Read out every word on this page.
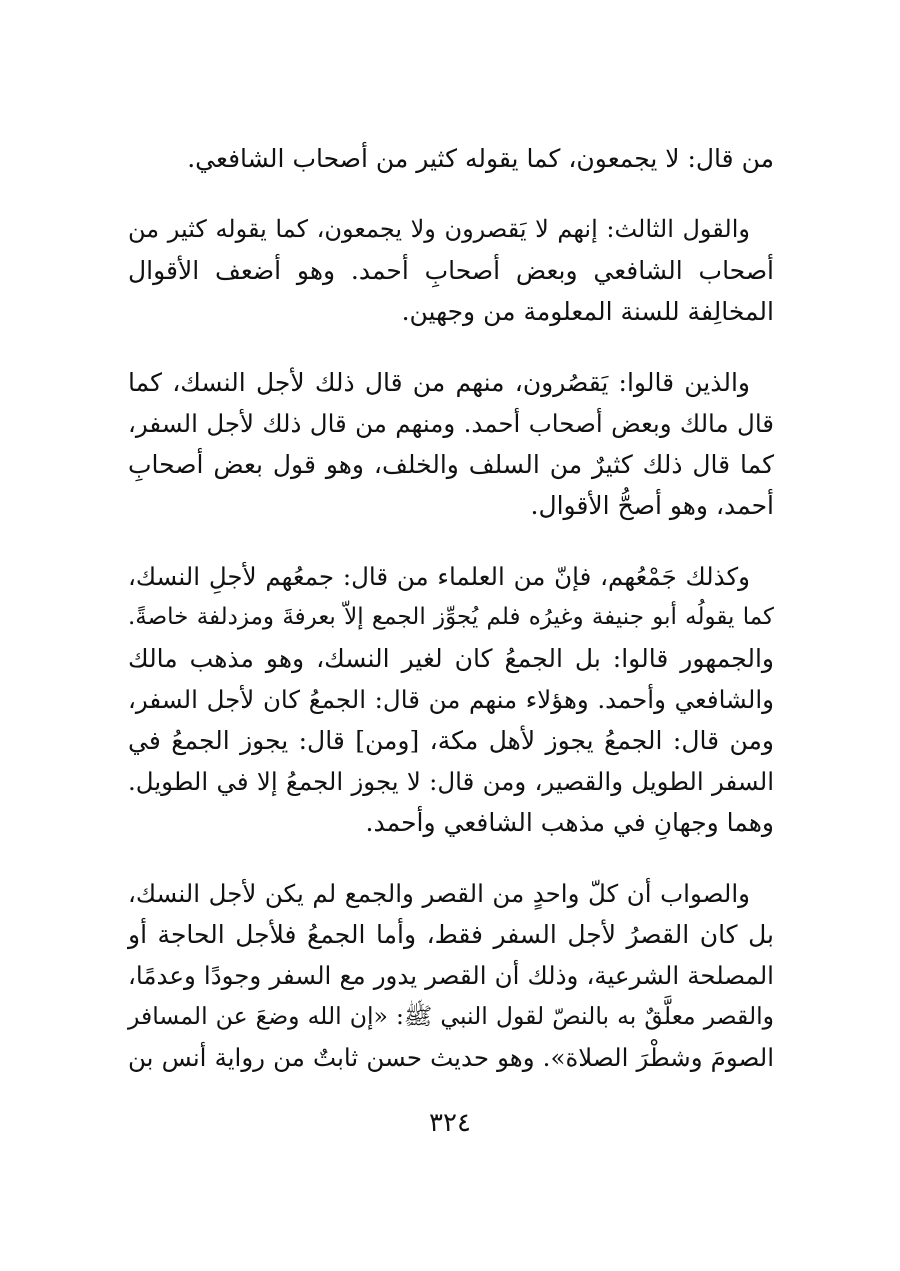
من قال: لا يجمعون، كما يقوله كثير من أصحاب الشافعي.
والقول الثالث: إنهم لا يَقصرون ولا يجمعون، كما يقوله كثير من
أصحاب الشافعي وبعض أصحابِ أحمد. وهو أضعف الأقوال
المخالِفة للسنة المعلومة من وجهين.
والذين قالوا: يَقصُرون، منهم من قال ذلك لأجل النسك، كما
قال مالك وبعض أصحاب أحمد. ومنهم من قال ذلك لأجل السفر،
كما قال ذلك كثيرٌ من السلف والخلف، وهو قول بعض أصحابِ
أحمد، وهو أصحُّ الأقوال.
وكذلك جَمْعُهم، فإنّ من العلماء من قال: جمعُهم لأجلِ النسك،
كما يقولُه أبو جنيفة وغيرُه فلم يُجوِّز الجمع إلاّ بعرفةَ ومزدلفة خاصةً.
والجمهور قالوا: بل الجمعُ كان لغير النسك، وهو مذهب مالك
والشافعي وأحمد. وهؤلاء منهم من قال: الجمعُ كان لأجل السفر،
ومن قال: الجمعُ يجوز لأهل مكة، [ومن] قال: يجوز الجمعُ في
السفر الطويل والقصير، ومن قال: لا يجوز الجمعُ إلا في الطويل.
وهما وجهانِ في مذهب الشافعي وأحمد.
والصواب أن كلّ واحدٍ من القصر والجمع لم يكن لأجل النسك،
بل كان القصرُ لأجل السفر فقط، وأما الجمعُ فلأجل الحاجة أو
المصلحة الشرعية، وذلك أن القصر يدور مع السفر وجودًا وعدمًا،
والقصر معلَّقٌ به بالنصّ لقول النبي ﷺ: «إن الله وضعَ عن المسافر
الصومَ وشطْرَ الصلاة». وهو حديث حسن ثابتٌ من رواية أنس بن
٣٢٤
